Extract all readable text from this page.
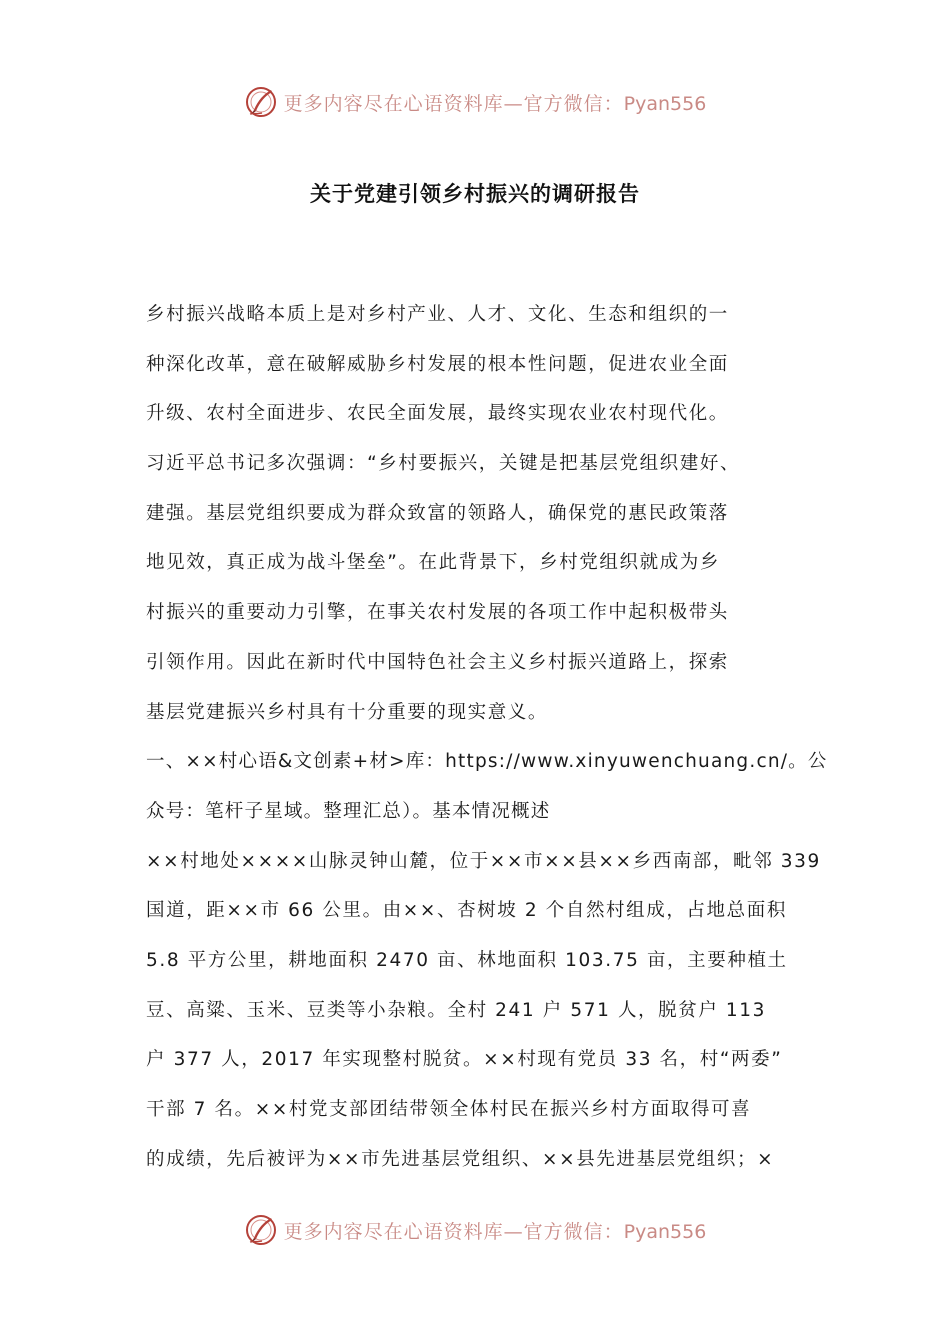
更多内容尽在心语资料库—官方微信：Pyan556
关于党建引领乡村振兴的调研报告
乡村振兴战略本质上是对乡村产业、人才、文化、生态和组织的一
种深化改革，意在破解威胁乡村发展的根本性问题，促进农业全面
升级、农村全面进步、农民全面发展，最终实现农业农村现代化。
习近平总书记多次强调：“乡村要振兴，关键是把基层党组织建好、
建强。基层党组织要成为群众致富的领路人，确保党的惠民政策落
地见效，真正成为战斗堡垒”。在此背景下，乡村党组织就成为乡
村振兴的重要动力引擎，在事关农村发展的各项工作中起积极带头
引领作用。因此在新时代中国特色社会主义乡村振兴道路上，探索
基层党建振兴乡村具有十分重要的现实意义。
一、××村心语&文创素+材>库：https://www.xinyuwenchuang.cn/。公
众号：笔杆子星域。整理汇总）。基本情况概述
××村地处××××山脉灵钟山麓，位于××市××县××乡西南部，毗邻 339
国道，距××市 66 公里。由××、杏树坡 2 个自然村组成，占地总面积
5.8 平方公里，耕地面积 2470 亩、林地面积 103.75 亩，主要种植土
豆、高粱、玉米、豆类等小杂粮。全村 241 户 571 人，脱贫户 113
户 377 人，2017 年实现整村脱贫。××村现有党员 33 名，村“两委”
干部 7 名。××村党支部团结带领全体村民在振兴乡村方面取得可喜
的成绩，先后被评为××市先进基层党组织、××县先进基层党组织；×
更多内容尽在心语资料库—官方微信：Pyan556
